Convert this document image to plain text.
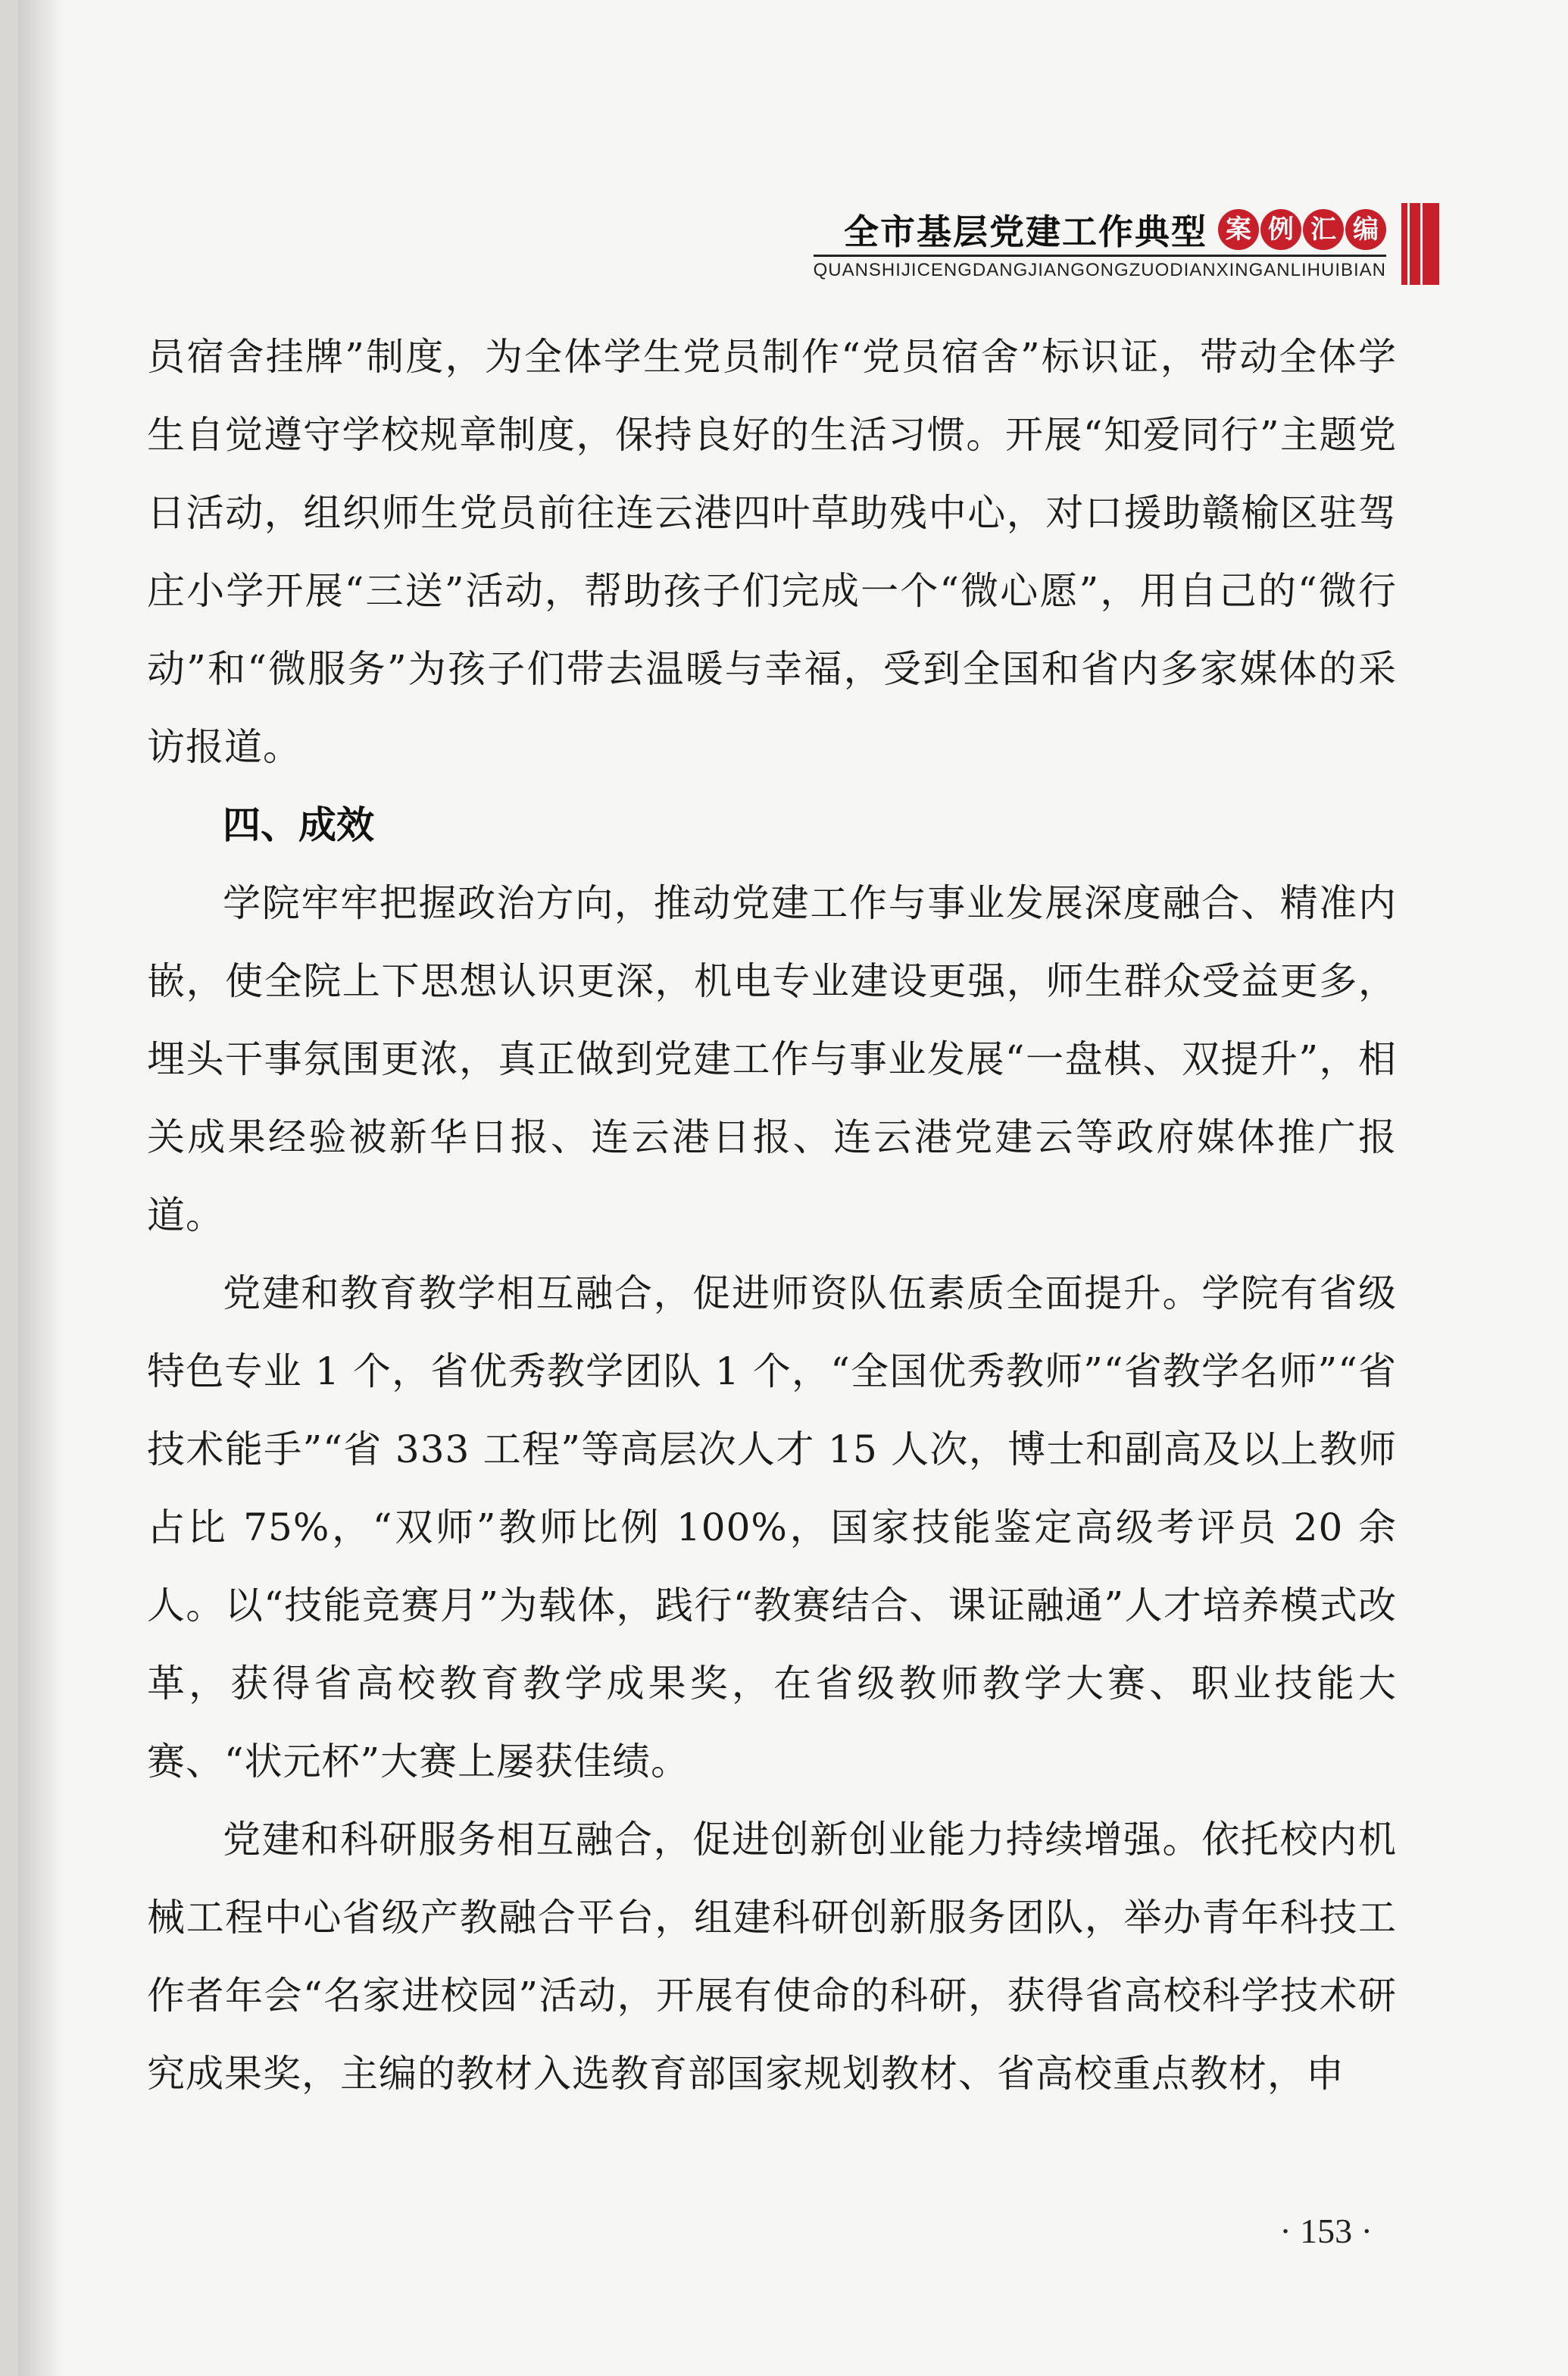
全市基层党建工作典型 案 例 汇 编
QUANSHIJICENGDANGJIANGONGZUODIANXINGANLIHUIBIAN

员宿舍挂牌”制度，为全体学生党员制作“党员宿舍”标识证，带动全体学生自觉遵守学校规章制度，保持良好的生活习惯。开展“知爱同行”主题党日活动，组织师生党员前往连云港四叶草助残中心，对口援助赣榆区驻驾庄小学开展“三送”活动，帮助孩子们完成一个“微心愿”，用自己的“微行动”和“微服务”为孩子们带去温暖与幸福，受到全国和省内多家媒体的采访报道。

四、成效

学院牢牢把握政治方向，推动党建工作与事业发展深度融合、精准内嵌，使全院上下思想认识更深，机电专业建设更强，师生群众受益更多，埋头干事氛围更浓，真正做到党建工作与事业发展“一盘棋、双提升”，相关成果经验被新华日报、连云港日报、连云港党建云等政府媒体推广报道。

党建和教育教学相互融合，促进师资队伍素质全面提升。学院有省级特色专业 1 个，省优秀教学团队 1 个，“全国优秀教师”“省教学名师”“省技术能手”“省 333 工程”等高层次人才 15 人次，博士和副高及以上教师占比 75%，“双师”教师比例 100%，国家技能鉴定高级考评员 20 余人。以“技能竞赛月”为载体，践行“教赛结合、课证融通”人才培养模式改革，获得省高校教育教学成果奖，在省级教师教学大赛、职业技能大赛、“状元杯”大赛上屡获佳绩。

党建和科研服务相互融合，促进创新创业能力持续增强。依托校内机械工程中心省级产教融合平台，组建科研创新服务团队，举办青年科技工作者年会“名家进校园”活动，开展有使命的科研，获得省高校科学技术研究成果奖，主编的教材入选教育部国家规划教材、省高校重点教材，申

· 153 ·
